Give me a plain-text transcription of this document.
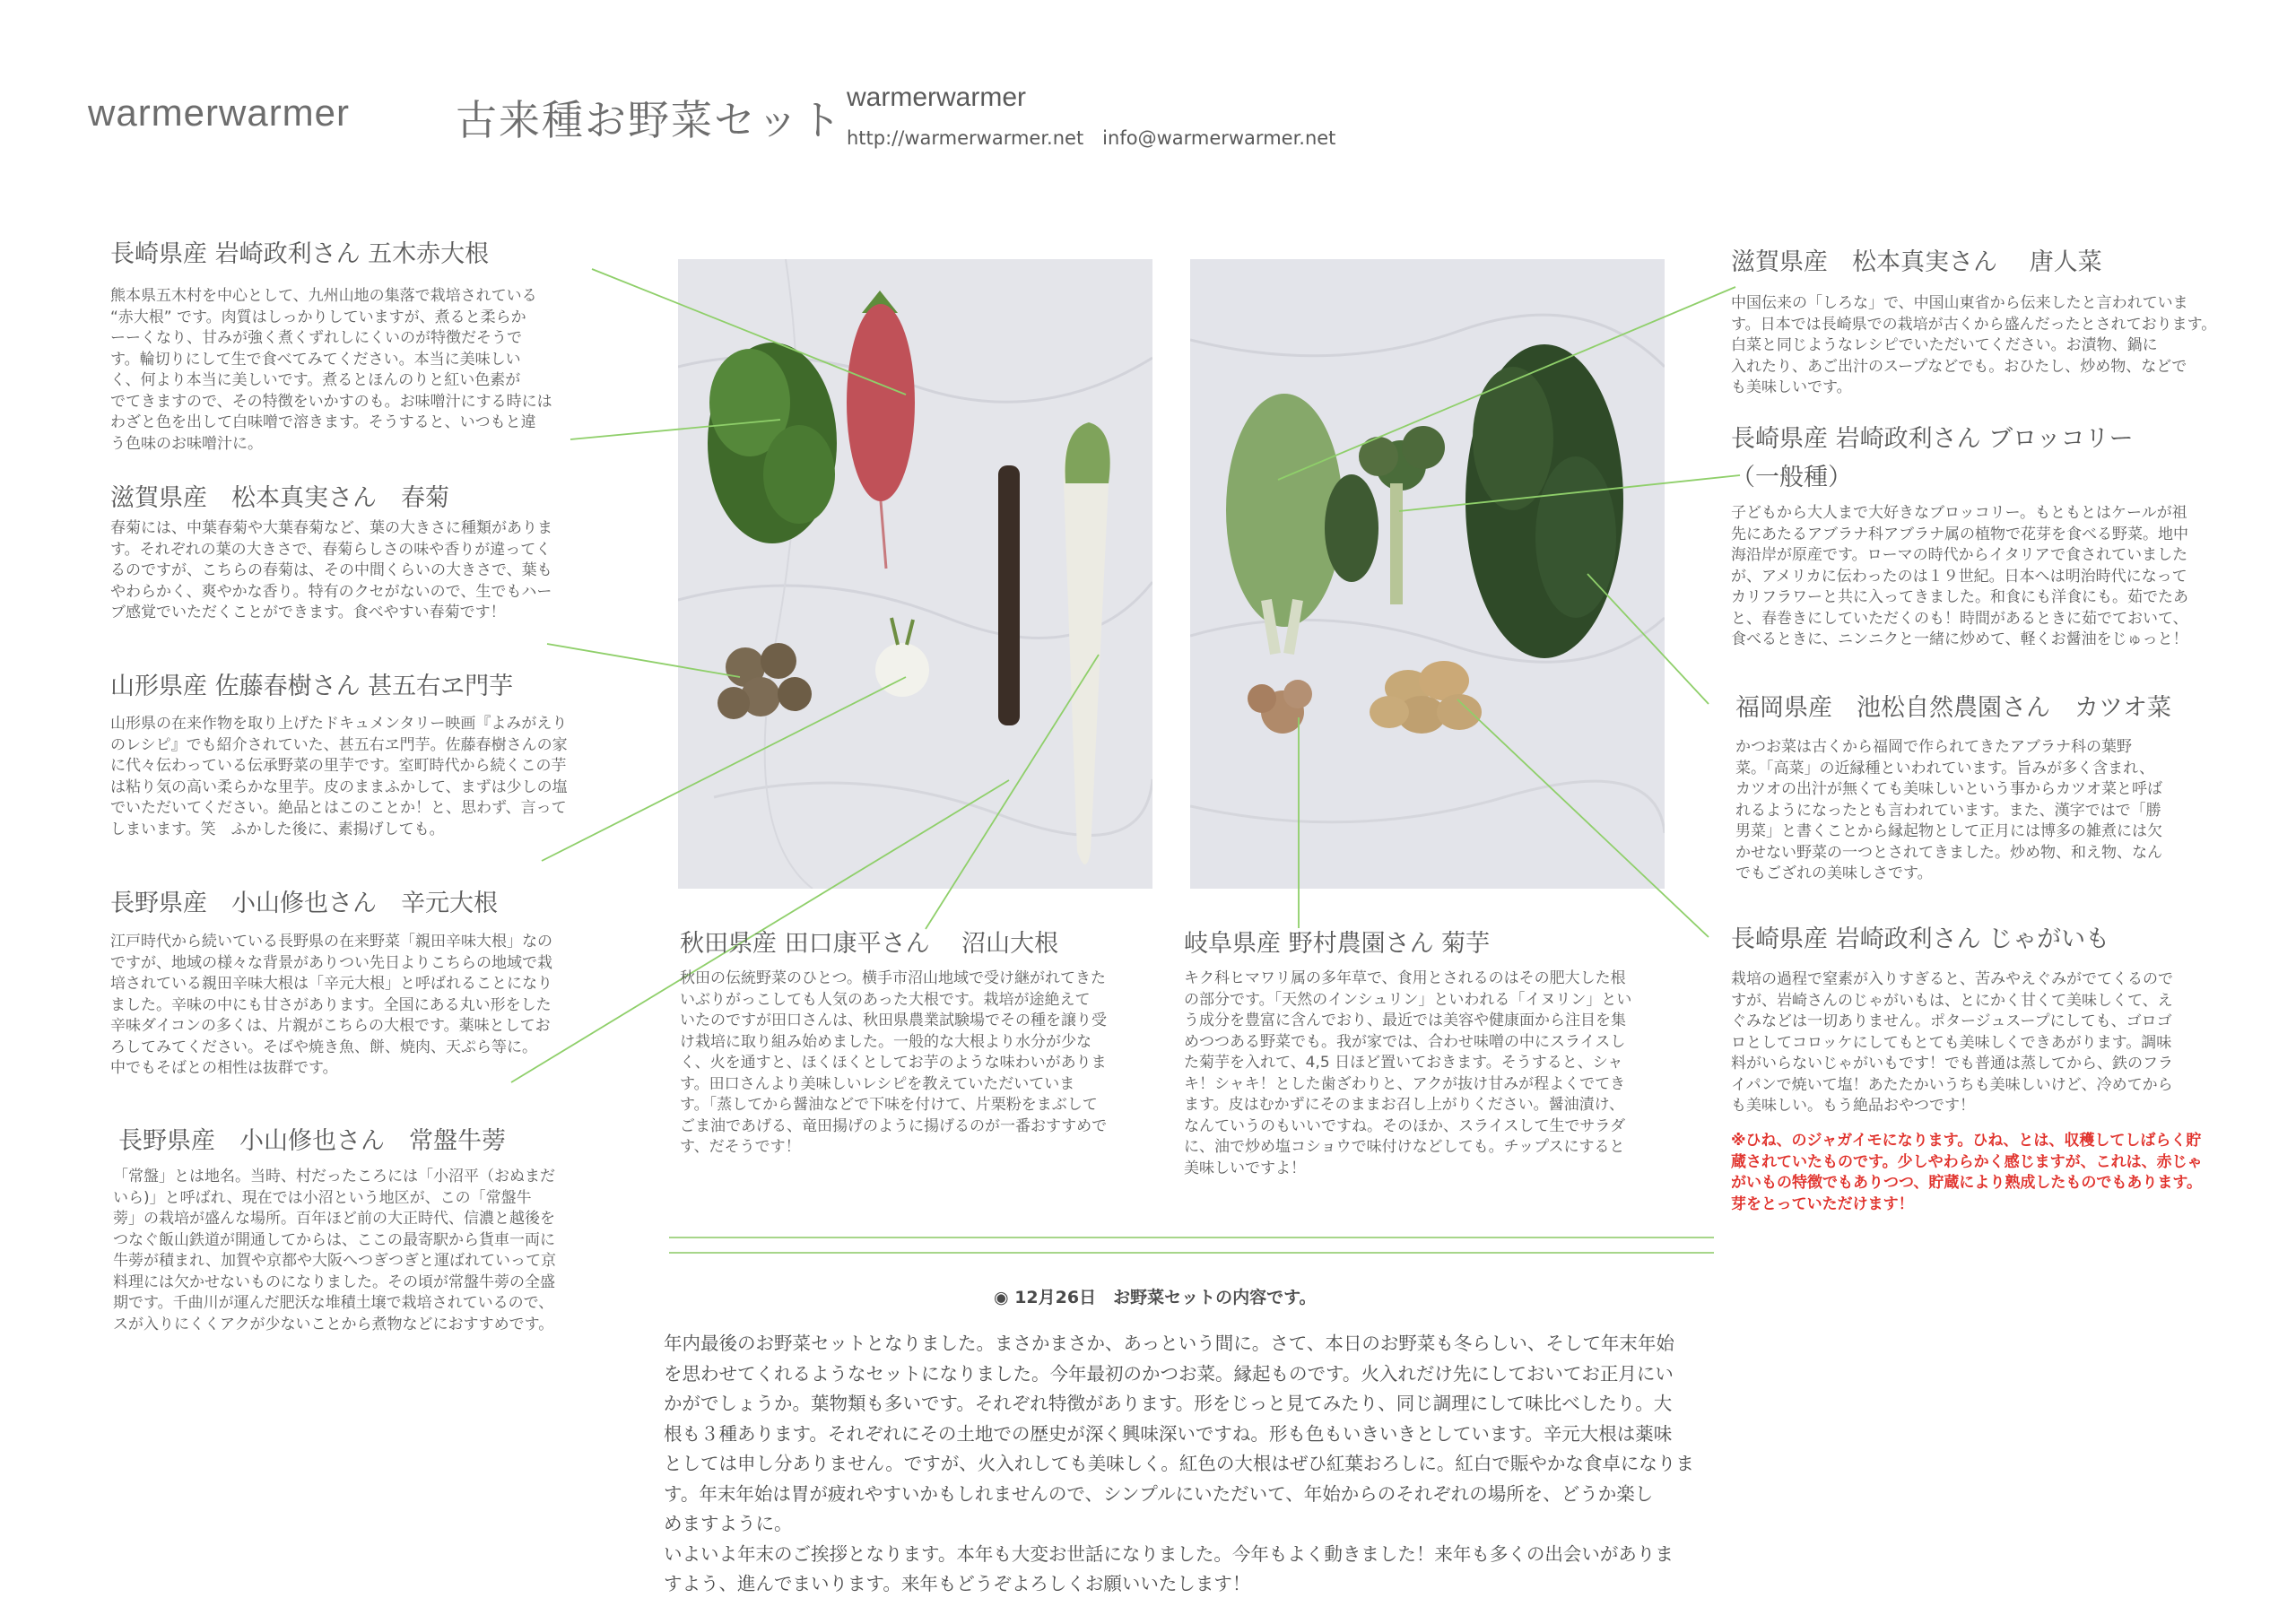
warmerwarmer	古来種お野菜セット warmerwarmer
http://warmerwarmer.net　info@warmerwarmer.net
長崎県産 岩崎政利さん 五木赤大根
熊本県五木村を中心として、九州山地の集落で栽培されている
“赤大根” です。肉質はしっかりしていますが、煮ると柔らか
ーーくなり、甘みが強く煮くずれしにくいのが特徴だそうで
す。輪切りにして生で食べてみてください。本当に美味しい
く、何より本当に美しいです。煮るとほんのりと紅い色素が
でてきますので、その特徴をいかすのも。お味噌汁にする時には
わざと色を出して白味噌で溶きます。そうすると、いつもと違
う色味のお味噌汁に。
滋賀県産　松本真実さん　春菊
春菊には、中葉春菊や大葉春菊など、葉の大きさに種類がありま
す。それぞれの葉の大きさで、春菊らしさの味や香りが違ってく
るのですが、こちらの春菊は、その中間くらいの大きさで、葉も
やわらかく、爽やかな香り。特有のクセがないので、生でもハー
ブ感覚でいただくことができます。食べやすい春菊です！
山形県産 佐藤春樹さん 甚五右ヱ門芋
山形県の在来作物を取り上げたドキュメンタリー映画『よみがえり
のレシピ』でも紹介されていた、甚五右ヱ門芋。佐藤春樹さんの家
に代々伝わっている伝承野菜の里芋です。室町時代から続くこの芋
は粘り気の高い柔らかな里芋。皮のままふかして、まずは少しの塩
でいただいてください。絶品とはこのことか！と、思わず、言って
しまいます。笑　ふかした後に、素揚げしても。
長野県産　小山修也さん　辛元大根
江戸時代から続いている長野県の在来野菜「親田辛味大根」なの
ですが、地域の様々な背景がありつい先日よりこちらの地域で栽
培されている親田辛味大根は「辛元大根」と呼ばれることになり
ました。辛味の中にも甘さがあります。全国にある丸い形をした
辛味ダイコンの多くは、片親がこちらの大根です。薬味としてお
ろしてみてください。そばや焼き魚、餅、焼肉、天ぷら等に。
中でもそばとの相性は抜群です。
長野県産　小山修也さん　常盤牛蒡
「常盤」とは地名。当時、村だったころには「小沼平（おぬまだ
いら)」と呼ばれ、現在では小沼という地区が、この「常盤牛
蒡」の栽培が盛んな場所。百年ほど前の大正時代、信濃と越後を
つなぐ飯山鉄道が開通してからは、ここの最寄駅から貨車一両に
牛蒡が積まれ、加賀や京都や大阪へつぎつぎと運ばれていって京
料理には欠かせないものになりました。その頃が常盤牛蒡の全盛
期です。千曲川が運んだ肥沃な堆積土壌で栽培されているので、
スが入りにくくアクが少ないことから煮物などにおすすめです。
秋田県産 田口康平さん　 沼山大根
秋田の伝統野菜のひとつ。横手市沼山地域で受け継がれてきた
いぶりがっこしても人気のあった大根です。栽培が途絶えて
いたのですが田口さんは、秋田県農業試験場でその種を譲り受
け栽培に取り組み始めました。一般的な大根より水分が少な
く、火を通すと、ほくほくとしてお芋のような味わいがありま
す。田口さんより美味しいレシピを教えていただいていま
す。「蒸してから醤油などで下味を付けて、片栗粉をまぶして
ごま油であげる、竜田揚げのように揚げるのが一番おすすめで
す、だそうです！
岐阜県産 野村農園さん 菊芋
キク科ヒマワリ属の多年草で、食用とされるのはその肥大した根
の部分です。「天然のインシュリン」といわれる「イヌリン」とい
う成分を豊富に含んでおり、最近では美容や健康面から注目を集
めつつある野菜でも。我が家では、合わせ味噌の中にスライスし
た菊芋を入れて、4,5 日ほど置いておきます。そうすると、シャ
キ！シャキ！とした歯ざわりと、アクが抜け甘みが程よくでてき
ます。皮はむかずにそのままお召し上がりください。醤油漬け、
なんていうのもいいですね。そのほか、スライスして生でサラダ
に、油で炒め塩コショウで味付けなどしても。チップスにすると
美味しいですよ！
滋賀県産　松本真実さん　 唐人菜
中国伝来の「しろな」で、中国山東省から伝来したと言われていま
す。日本では長崎県での栽培が古くから盛んだったとされております。
白菜と同じようなレシピでいただいてください。お漬物、鍋に
入れたり、あご出汁のスープなどでも。おひたし、炒め物、などで
も美味しいです。
長崎県産 岩崎政利さん ブロッコリー
（一般種）
子どもから大人まで大好きなブロッコリー。もともとはケールが祖
先にあたるアブラナ科アブラナ属の植物で花芽を食べる野菜。地中
海沿岸が原産です。ローマの時代からイタリアで食されていました
が、アメリカに伝わったのは１９世紀。日本へは明治時代になって
カリフラワーと共に入ってきました。和食にも洋食にも。茹でたあ
と、春巻きにしていただくのも！時間があるときに茹でておいて、
食べるときに、ニンニクと一緒に炒めて、軽くお醤油をじゅっと！
福岡県産　池松自然農園さん　カツオ菜
かつお菜は古くから福岡で作られてきたアブラナ科の葉野
菜。「高菜」の近縁種といわれています。旨みが多く含まれ、
カツオの出汁が無くても美味しいという事からカツオ菜と呼ば
れるようになったとも言われています。また、漢字ではで「勝
男菜」と書くことから縁起物として正月には博多の雑煮には欠
かせない野菜の一つとされてきました。炒め物、和え物、なん
でもござれの美味しさです。
長崎県産 岩崎政利さん じゃがいも
栽培の過程で窒素が入りすぎると、苦みやえぐみがでてくるので
すが、岩崎さんのじゃがいもは、とにかく甘くて美味しくて、え
ぐみなどは一切ありません。ポタージュスープにしても、ゴロゴ
ロとしてコロッケにしてもとても美味しくできあがります。調味
料がいらないじゃがいもです！でも普通は蒸してから、鉄のフラ
イパンで焼いて塩！あたたかいうちも美味しいけど、冷めてから
も美味しい。もう絶品おやつです！
※ひね、のジャガイモになります。ひね、とは、収穫してしばらく貯
蔵されていたものです。少しやわらかく感じますが、これは、赤じゃ
がいもの特徴でもありつつ、貯蔵により熟成したものでもあります。
芽をとっていただけます！
◉ 12月26日　お野菜セットの内容です。
年内最後のお野菜セットとなりました。まさかまさか、あっという間に。さて、本日のお野菜も冬らしい、そして年末年始
を思わせてくれるようなセットになりました。今年最初のかつお菜。縁起ものです。火入れだけ先にしておいてお正月にい
かがでしょうか。葉物類も多いです。それぞれ特徴があります。形をじっと見てみたり、同じ調理にして味比べしたり。大
根も３種あります。それぞれにその土地での歴史が深く興味深いですね。形も色もいきいきとしています。辛元大根は薬味
としては申し分ありません。ですが、火入れしても美味しく。紅色の大根はぜひ紅葉おろしに。紅白で賑やかな食卓になりま
す。年末年始は胃が疲れやすいかもしれませんので、シンプルにいただいて、年始からのそれぞれの場所を、どうか楽し
めますように。
いよいよ年末のご挨拶となります。本年も大変お世話になりました。今年もよく動きました！来年も多くの出会いがありま
すよう、進んでまいります。来年もどうぞよろしくお願いいたします！
